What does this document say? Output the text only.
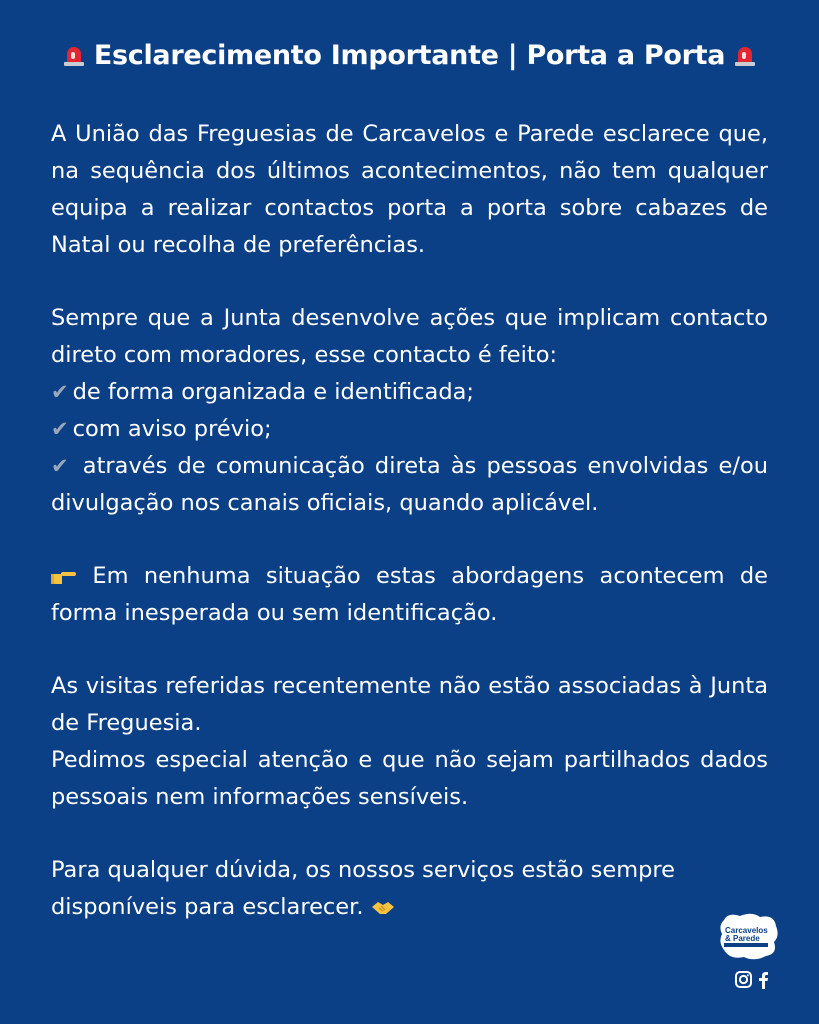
Esclarecimento Importante | Porta a Porta

A União das Freguesias de Carcavelos e Parede esclarece que, na sequência dos últimos acontecimentos, não tem qualquer equipa a realizar contactos porta a porta sobre cabazes de Natal ou recolha de preferências.

Sempre que a Junta desenvolve ações que implicam contacto direto com moradores, esse contacto é feito:
✔ de forma organizada e identificada;
✔ com aviso prévio;
✔ através de comunicação direta às pessoas envolvidas e/ou divulgação nos canais oficiais, quando aplicável.

Em nenhuma situação estas abordagens acontecem de forma inesperada ou sem identificação.

As visitas referidas recentemente não estão associadas à Junta de Freguesia.
Pedimos especial atenção e que não sejam partilhados dados pessoais nem informações sensíveis.

Para qualquer dúvida, os nossos serviços estão sempre disponíveis para esclarecer.

Carcavelos
& Parede
